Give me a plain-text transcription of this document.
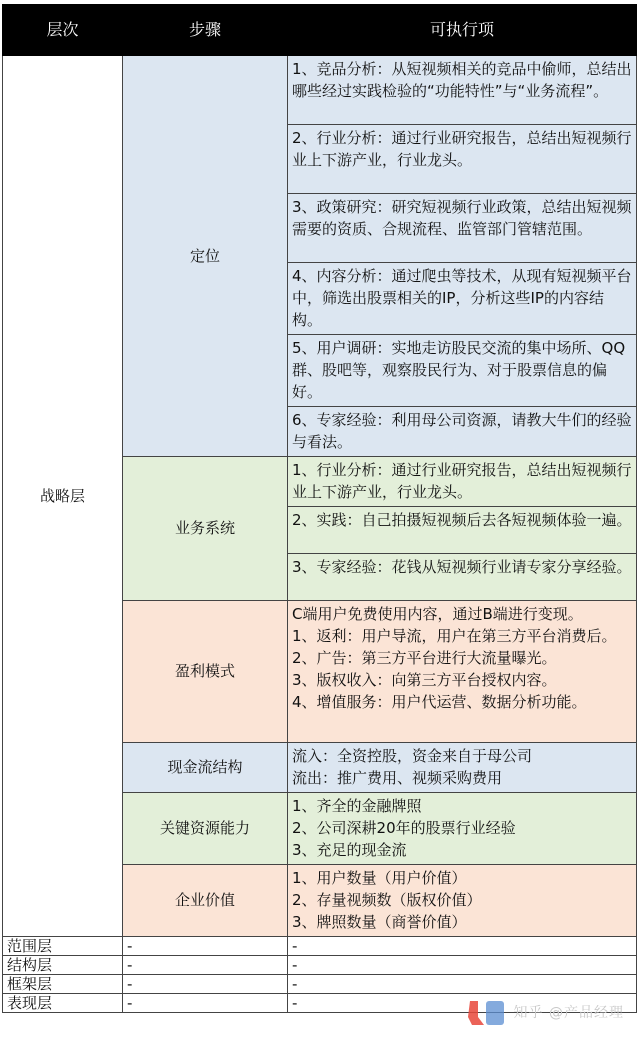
层次	步骤	可执行项
战略层	定位	1、竞品分析：从短视频相关的竞品中偷师，总结出哪些经过实践检验的“功能特性”与“业务流程”。
		2、行业分析：通过行业研究报告，总结出短视频行业上下游产业，行业龙头。
		3、政策研究：研究短视频行业政策，总结出短视频需要的资质、合规流程、监管部门管辖范围。
		4、内容分析：通过爬虫等技术，从现有短视频平台中，筛选出股票相关的IP，分析这些IP的内容结构。
		5、用户调研：实地走访股民交流的集中场所、QQ群、股吧等，观察股民行为、对于股票信息的偏好。
		6、专家经验：利用母公司资源，请教大牛们的经验与看法。
	业务系统	1、行业分析：通过行业研究报告，总结出短视频行业上下游产业，行业龙头。
		2、实践：自己拍摄短视频后去各短视频体验一遍。
		3、专家经验：花钱从短视频行业请专家分享经验。
	盈利模式	C端用户免费使用内容，通过B端进行变现。
1、返利：用户导流，用户在第三方平台消费后。
2、广告：第三方平台进行大流量曝光。
3、版权收入：向第三方平台授权内容。
4、增值服务：用户代运营、数据分析功能。

	现金流结构	流入：全资控股，资金来自于母公司
流出：推广费用、视频采购费用

	关键资源能力	1、齐全的金融牌照
2、公司深耕20年的股票行业经验
3、充足的现金流

	企业价值	1、用户数量（用户价值）
2、存量视频数（版权价值）
3、牌照数量（商誉价值）

范围层	-	-
结构层	-	-
框架层	-	-
表现层	-	-
知乎 @产品经理
